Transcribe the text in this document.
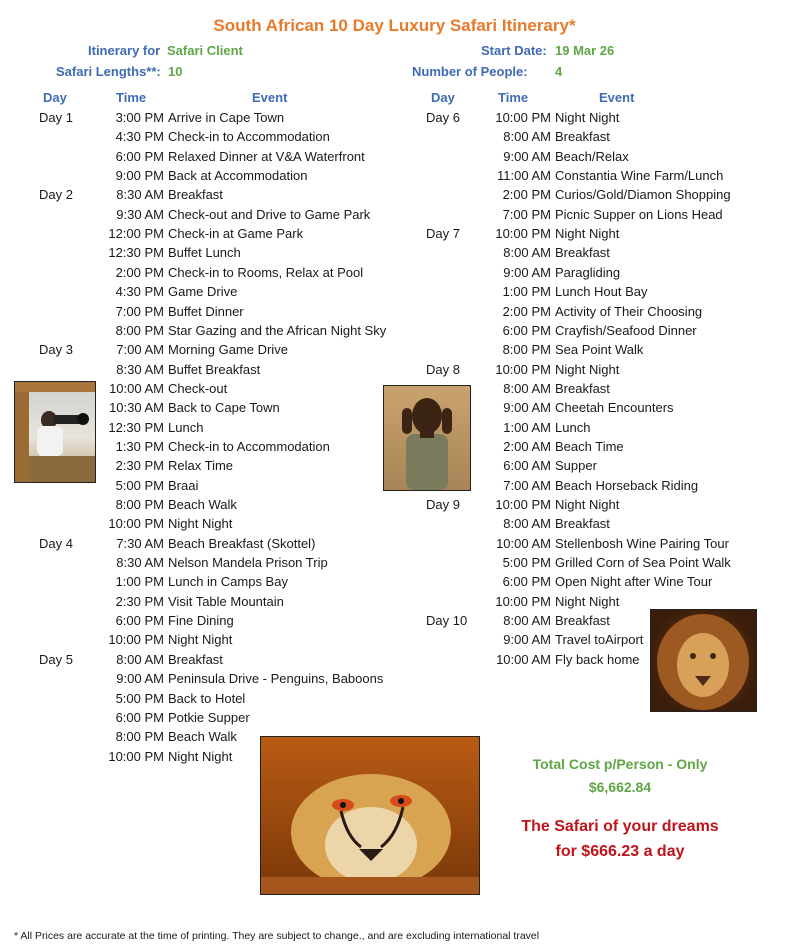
South African 10 Day Luxury Safari Itinerary*
Itinerary for Safari Client
Safari Lengths**: 10
Start Date: 19 Mar 26
Number of People: 4
Day	Time	Event	Day	Time	Event
Day 1	3:00 PM Arrive in Cape Town
4:30 PM Check-in to Accommodation
6:00 PM Relaxed Dinner at V&A Waterfront
9:00 PM Back at Accommodation
Day 2	8:30 AM Breakfast
9:30 AM Check-out and Drive to Game Park
12:00 PM Check-in at Game Park
12:30 PM Buffet Lunch
2:00 PM Check-in to Rooms, Relax at Pool
4:30 PM Game Drive
7:00 PM Buffet Dinner
8:00 PM Star Gazing and the African Night Sky
Day 3	7:00 AM Morning Game Drive
8:30 AM Buffet Breakfast
10:00 AM Check-out
10:30 AM Back to Cape Town
12:30 PM Lunch
1:30 PM Check-in to Accommodation
2:30 PM Relax Time
5:00 PM Braai
8:00 PM Beach Walk
10:00 PM Night Night
Day 4	7:30 AM Beach Breakfast (Skottel)
8:30 AM Nelson Mandela Prison Trip
1:00 PM Lunch in Camps Bay
2:30 PM Visit Table Mountain
6:00 PM Fine Dining
10:00 PM Night Night
Day 5	8:00 AM Breakfast
9:00 AM Peninsula Drive - Penguins, Baboons
5:00 PM Back to Hotel
6:00 PM Potkie Supper
8:00 PM Beach Walk
10:00 PM Night Night
Day 6	10:00 PM Night Night
8:00 AM Breakfast
9:00 AM Beach/Relax
11:00 AM Constantia Wine Farm/Lunch
2:00 PM Curios/Gold/Diamon Shopping
7:00 PM Picnic Supper on Lions Head
Day 7	10:00 PM Night Night
8:00 AM Breakfast
9:00 AM Paragliding
1:00 PM Lunch Hout Bay
2:00 PM Activity of Their Choosing
6:00 PM Crayfish/Seafood Dinner
8:00 PM Sea Point Walk
Day 8	10:00 PM Night Night
8:00 AM Breakfast
9:00 AM Cheetah Encounters
1:00 AM Lunch
2:00 AM Beach Time
6:00 AM Supper
7:00 AM Beach Horseback Riding
Day 9	10:00 PM Night Night
8:00 AM Breakfast
10:00 AM Stellenbosh Wine Pairing Tour
5:00 PM Grilled Corn of Sea Point Walk
6:00 PM Open Night after Wine Tour
10:00 PM Night Night
Day 10	8:00 AM Breakfast
9:00 AM Travel toAirport
10:00 AM Fly back home
Total Cost p/Person - Only
$6,662.84
The Safari of your dreams
for $666.23 a day
* All Prices are accurate at the time of printing. They are subject to change., and are excluding international travel
